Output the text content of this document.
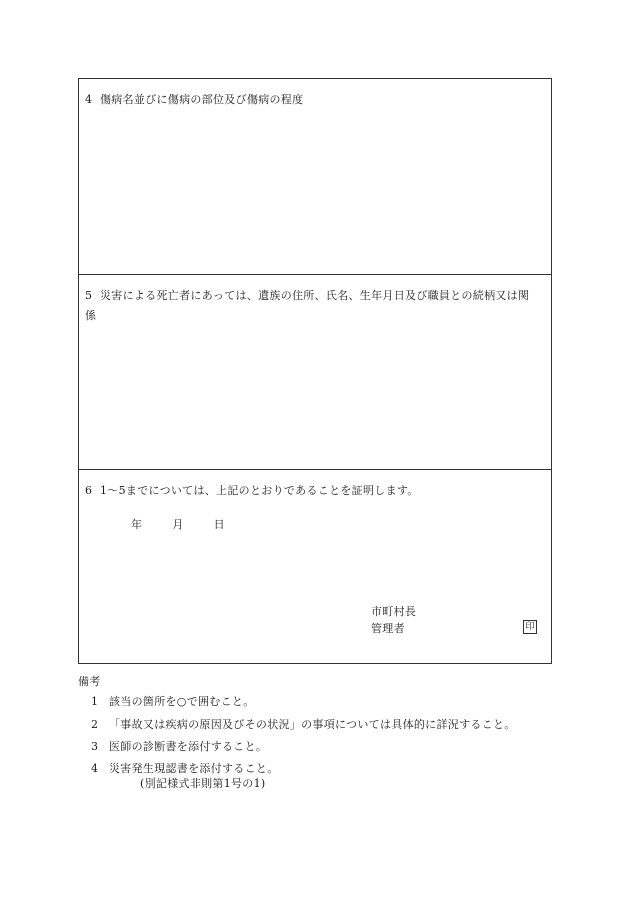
4 傷病名並びに傷病の部位及び傷病の程度
5 災害による死亡者にあっては、遺族の住所、氏名、生年月日及び職員との続柄又は関
係
6 1〜5までについては、上記のとおりであることを証明します。
年	月	日
市町村長
管理者	印
備考
1 該当の箇所を○で囲むこと。
2 「事故又は疾病の原因及びその状況」の事項については具体的に詳況すること。
3 医師の診断書を添付すること。
4 災害発生現認書を添付すること。
(別記様式非則第1号の1)
